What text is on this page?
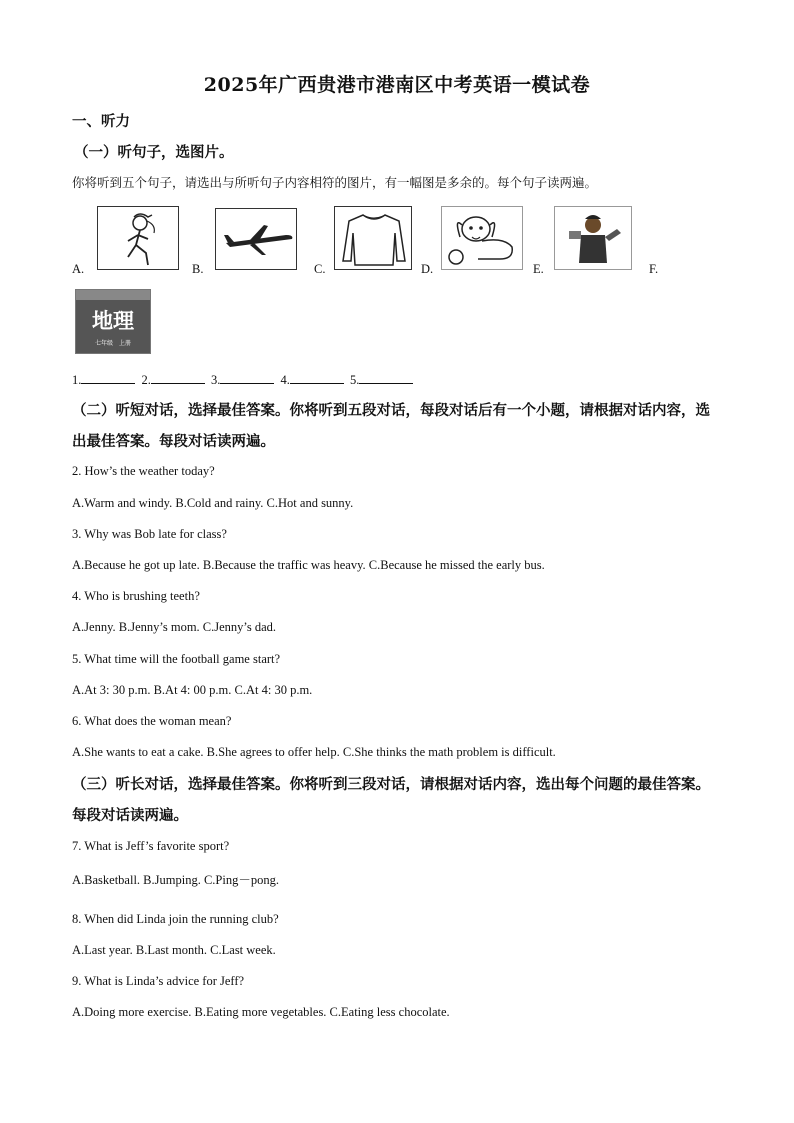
2025年广西贵港市港南区中考英语一模试卷
一、听力
（一）听句子，选图片。
你将听到五个句子，请选出与所听句子内容相符的图片，有一幅图是多余的。每个句子读两遍。
A.	B.	C.	D.	E.	F.
地理
七年级　上册
1.	2.	3.	4.	5.
（二）听短对话，选择最佳答案。你将听到五段对话，每段对话后有一个小题，请根据对话内容，选出最佳答案。每段对话读两遍。
2. How’s the weather today?
A.Warm and windy. B.Cold and rainy. C.Hot and sunny.
3. Why was Bob late for class?
A.Because he got up late. B.Because the traffic was heavy. C.Because he missed the early bus.
4. Who is brushing teeth?
A.Jenny. B.Jenny’s mom. C.Jenny’s dad.
5. What time will the football game start?
A.At 3: 30 p.m. B.At 4: 00 p.m. C.At 4: 30 p.m.
6. What does the woman mean?
A.She wants to eat a cake. B.She agrees to offer help. C.She thinks the math problem is difficult.
（三）听长对话，选择最佳答案。你将听到三段对话，请根据对话内容，选出每个问题的最佳答案。每段对话读两遍。
7. What is Jeff’s favorite sport?
A.Basketball. B.Jumping. C.Ping－pong.
8. When did Linda join the running club?
A.Last year. B.Last month. C.Last week.
9. What is Linda’s advice for Jeff?
A.Doing more exercise. B.Eating more vegetables. C.Eating less chocolate.
